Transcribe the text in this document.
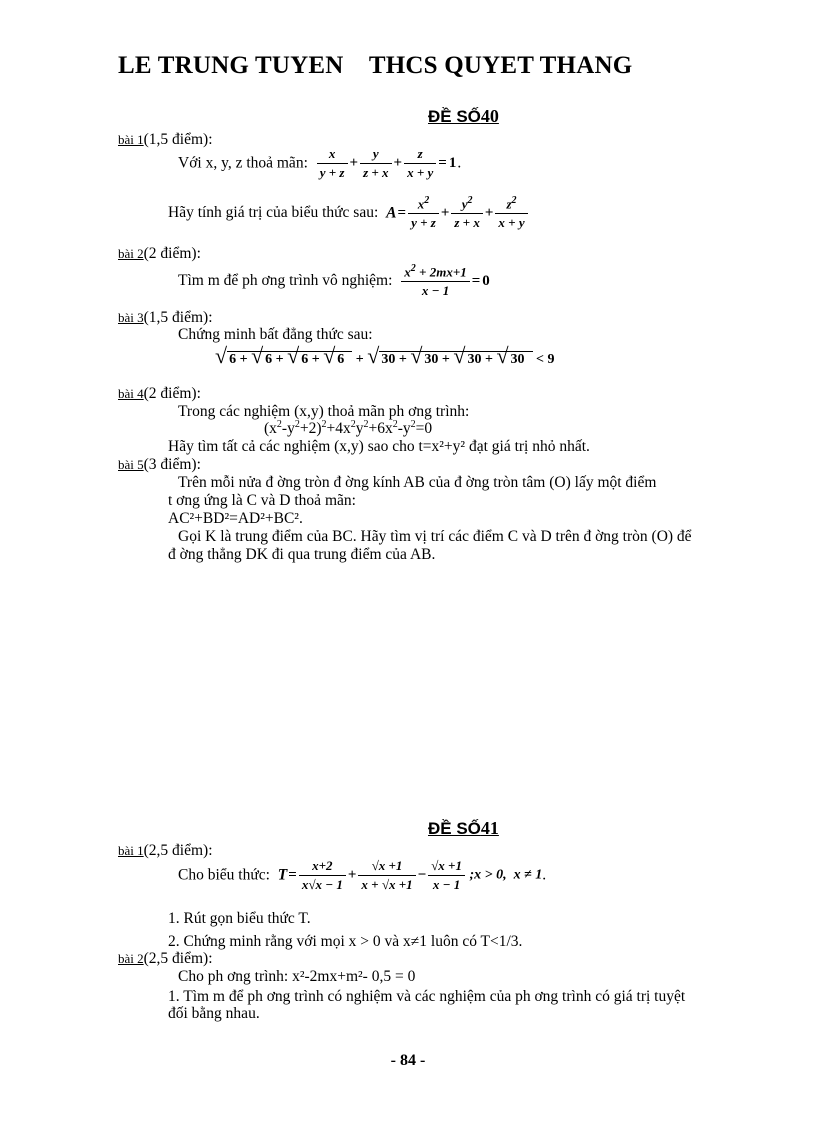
LE TRUNG TUYEN    THCS QUYET THANG
ĐỀ SỐ40
bài 1(1,5 điểm):
Với x, y, z thoả mãn: $\frac{x}{y + z} + \frac{y}{z + x} + \frac{z}{x + y} = 1$.
Hãy tính giá trị của biểu thức sau: $A= \frac{x^2}{y + z} + \frac{y^2}{z + x} + \frac{z^2}{x + y}$
bài 2(2 điểm):
Tìm m để ph ơng trình vô nghiệm: $\frac{x^2 + 2mx+1}{x - 1} = 0$
bài 3(1,5 điểm):
Chứng minh bất đẳng thức sau:
√ 6 + √ 6 + √ 6 + √ 6 + √ 30 + √ 30 + √ 30 + √ 30 < 9
bài 4(2 điểm):
Trong các nghiệm (x,y) thoả mãn ph ơng trình:
$(x^2-y^2+2)^2+4x^2y^2+6x^2-y^2=0$
Hãy tìm tất cả các nghiệm (x,y) sao cho t=x²+y² đạt giá trị nhỏ nhất.
bài 5(3 điểm):
Trên mỗi nửa đ ờng tròn đ ờng kính AB của đ ờng tròn tâm (O) lấy một điểm
t ơng ứng là C và D thoả mãn:
AC²+BD²=AD²+BC².
Gọi K là trung điểm của BC. Hãy tìm vị trí các điểm C và D trên đ ờng tròn (O) để
đ ờng thẳng DK đi qua trung điểm của AB.
ĐỀ SỐ41
bài 1(2,5 điểm):
Cho biểu thức: $T= \frac{x+2}{x√x - 1} + \frac{√x +1}{x + √x +1} - \frac{√x +1}{x - 1}$ ;x > 0,  x ≠ 1.
1. Rút gọn biểu thức T.
2. Chứng minh rằng với mọi x > 0 và x≠1 luôn có T<1/3.
bài 2(2,5 điểm):
Cho ph ơng trình: x²-2mx+m²- 0,5 = 0
1. Tìm m để ph ơng trình có nghiệm và các nghiệm của ph ơng trình có giá trị tuyệt
đối bằng nhau.
- 84 -
